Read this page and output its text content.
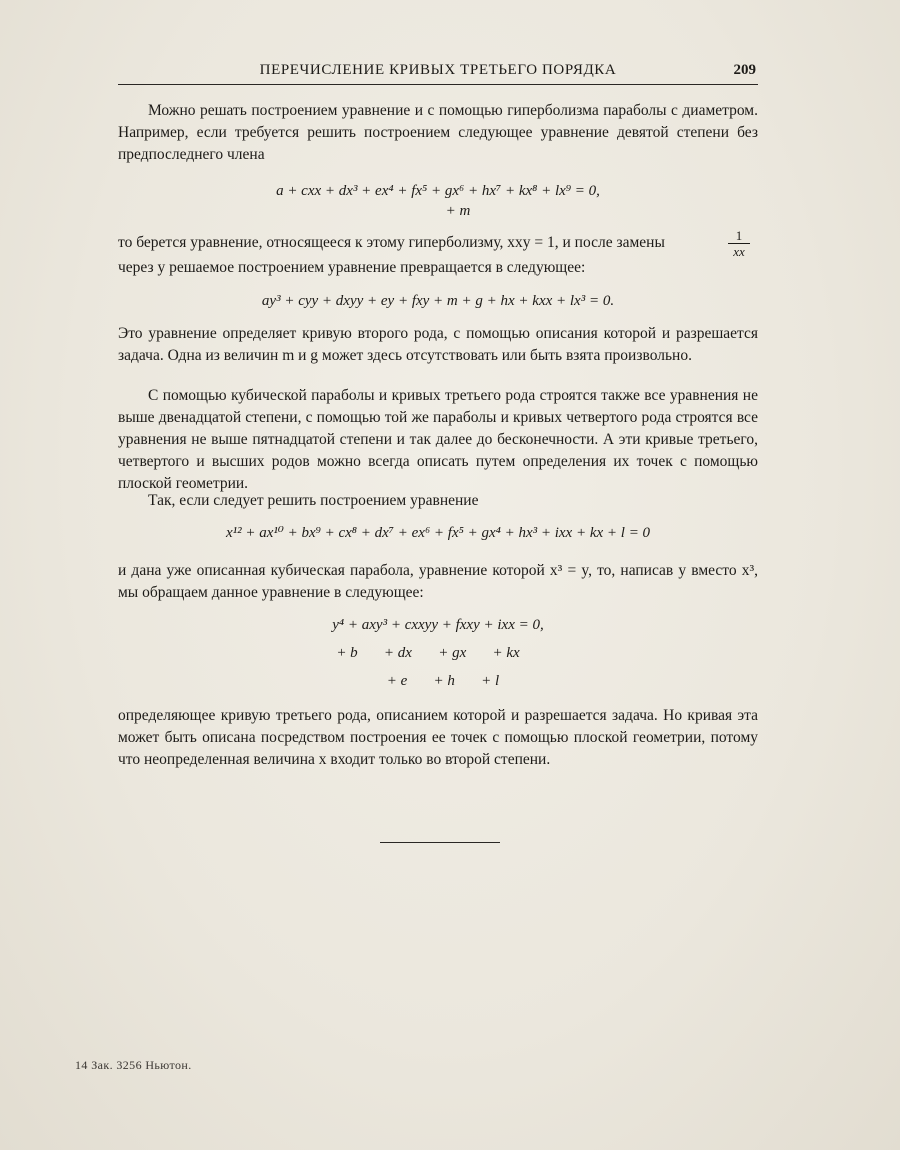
ПЕРЕЧИСЛЕНИЕ КРИВЫХ ТРЕТЬЕГО ПОРЯДКА	209
Можно решать построением уравнение и с помощью гиперболизма параболы с диаметром. Например, если требуется решить построением следующее уравнение девятой степени без предпоследнего члена
a + cxx + dx³ + ex⁴ + fx⁵ + gx⁶ + hx⁷ + kx⁸ + lx⁹ = 0,
+ m
то берется уравнение, относящееся к этому гиперболизму, xxy = 1, и после замены	$\frac{1}{xx}$
через y решаемое построением уравнение превращается в следующее:
ay³ + cyy + dxyy + ey + fxy + m + g + hx + kxx + lx³ = 0.
Это уравнение определяет кривую второго рода, с помощью описания которой и разрешается задача. Одна из величин m и g может здесь отсутствовать или быть взята произвольно.
С помощью кубической параболы и кривых третьего рода строятся также все уравнения не выше двенадцатой степени, с помощью той же параболы и кривых четвертого рода строятся все уравнения не выше пятнадцатой степени и так далее до бесконечности. А эти кривые третьего, четвертого и высших родов можно всегда описать путем определения их точек с помощью плоской геометрии.
Так, если следует решить построением уравнение
x¹² + ax¹⁰ + bx⁹ + cx⁸ + dx⁷ + ex⁶ + fx⁵ + gx⁴ + hx³ + ixx + kx + l = 0
и дана уже описанная кубическая парабола, уравнение которой x³ = y, то, написав y вместо x³, мы обращаем данное уравнение в следующее:
y⁴ + axy³ + cxxyy + fxxy + ixx = 0,
+ b       + dx       + gx       + kx
+ e       + h       + l
определяющее кривую третьего рода, описанием которой и разрешается задача. Но кривая эта может быть описана посредством построения ее точек с помощью плоской геометрии, потому что неопределенная величина x входит только во второй степени.
14 Зак. 3256 Ньютон.
